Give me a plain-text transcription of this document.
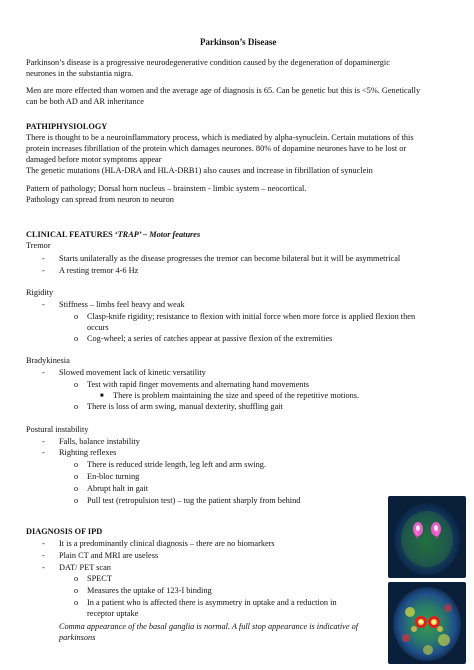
Parkinson’s Disease
Parkinson’s disease is a progressive neurodegenerative condition caused by the degeneration of dopaminergic
neurones in the substantia nigra.
Men are more effected than women and the average age of diagnosis is 65. Can be genetic but this is <5%. Genetically
can be both AD and AR inheritance
PATHIPHYSIOLOGY
There is thought to be a neuroinflammatory process, which is mediated by alpha-synuclein. Certain mutations of this
protein increases fibrillation of the protein which damages neurones. 80% of dopamine neurones have to be lost or
damaged before motor symptoms appear
The genetic mutations (HLA-DRA and HLA-DRB1) also causes and increase in fibrillation of synuclein
Pattern of pathology; Dorsal horn nucleus – brainstem - limbic system – neocortical.
Pathology can spread from neuron to neuron
CLINICAL FEATURES ‘TRAP’ – Motor features
Tremor
- Starts unilaterally as the disease progresses the tremor can become bilateral but it will be asymmetrical
- A resting tremor 4-6 Hz
Rigidity
- Stiffness – limbs feel heavy and weak
o Clasp-knife rigidity; resistance to flexion with initial force when more force is applied flexion then
occurs
o Cog-wheel; a series of catches appear at passive flexion of the extremities
Bradykinesia
- Slowed movement lack of kinetic versatility
o Test with rapid finger movements and alternating hand movements
■ There is problem maintaining the size and speed of the repetitive motions.
o There is loss of arm swing, manual dexterity, shuffling gait
Postural instability
- Falls, balance instability
- Righting reflexes
o There is reduced stride length, leg left and arm swing.
o En-bloc turning
o Abrupt halt in gait
o Pull test (retropulsion test) – tug the patient sharply from behind
DIAGNOSIS OF IPD
- It is a predominantly clinical diagnosis – there are no biomarkers
- Plain CT and MRI are useless
- DAT/ PET scan
o SPECT
o Measures the uptake of 123-I binding
o In a patient who is affected there is asymmetry in uptake and a reduction in
receptor uptake
Comma appearance of the basal ganglia is normal. A full stop appearance is indicative of
parkinsons
